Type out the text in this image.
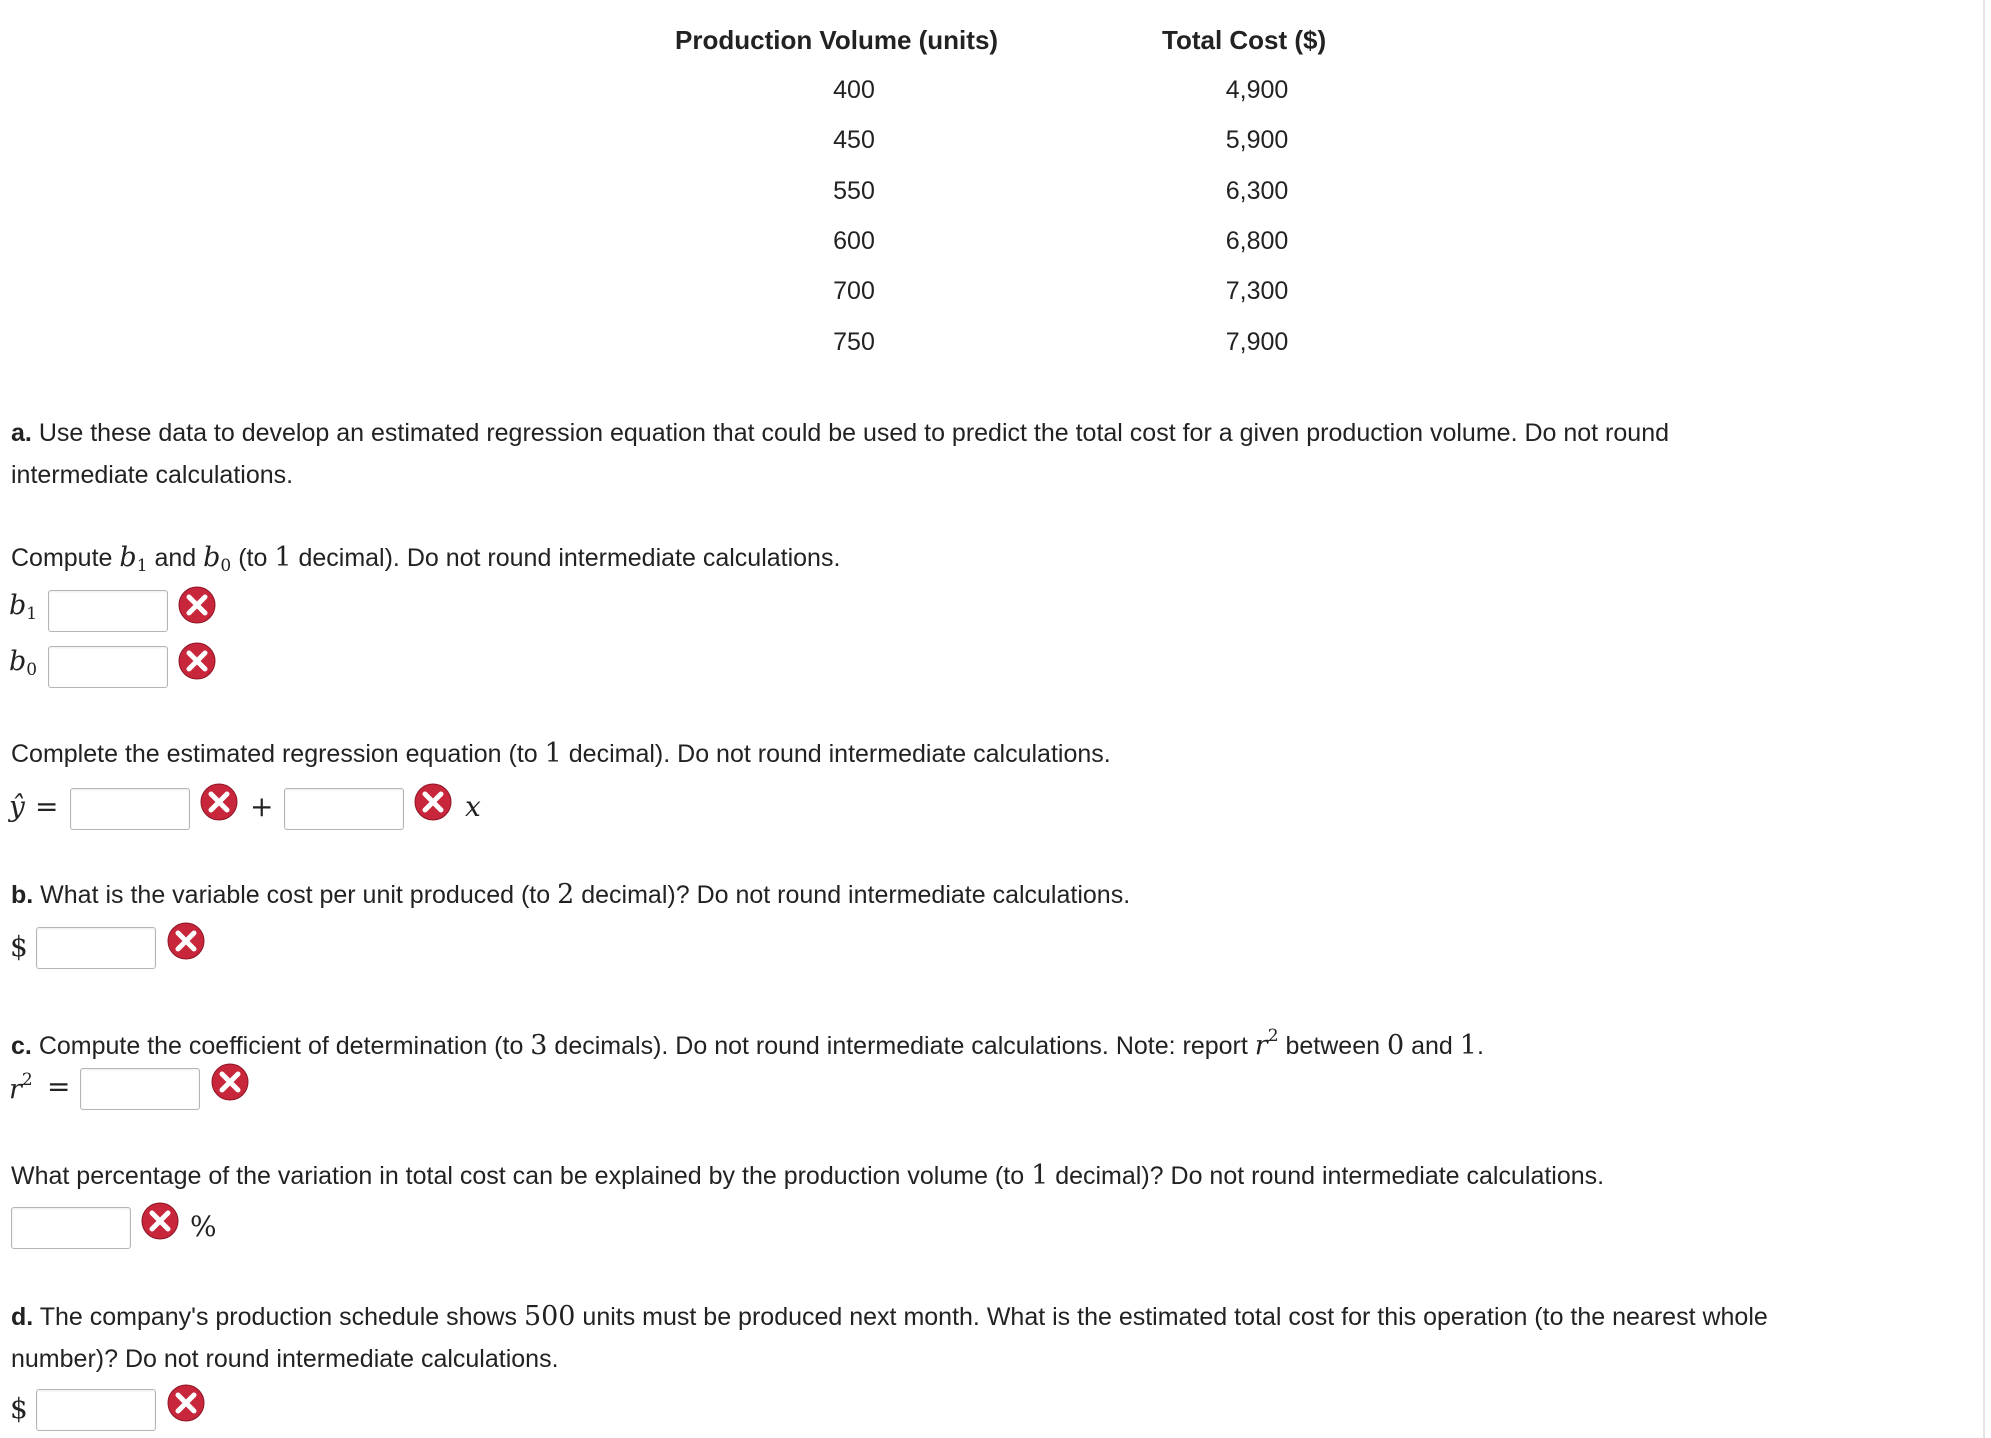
Production Volume (units)	Total Cost ($)
400	4,900
450	5,900
550	6,300
600	6,800
700	7,300
750	7,900
a. Use these data to develop an estimated regression equation that could be used to predict the total cost for a given production volume. Do not round
intermediate calculations.
Compute $b_1$ and $b_0$ (to 1 decimal). Do not round intermediate calculations.
$b_1$
$b_0$
Complete the estimated regression equation (to 1 decimal). Do not round intermediate calculations.
ŷ =	+	x
b. What is the variable cost per unit produced (to 2 decimal)? Do not round intermediate calculations.
$
c. Compute the coefficient of determination (to 3 decimals). Do not round intermediate calculations. Note: report $r^2$ between 0 and 1.
$r^2$ =
What percentage of the variation in total cost can be explained by the production volume (to 1 decimal)? Do not round intermediate calculations.
%
d. The company's production schedule shows 500 units must be produced next month. What is the estimated total cost for this operation (to the nearest whole
number)? Do not round intermediate calculations.
$
